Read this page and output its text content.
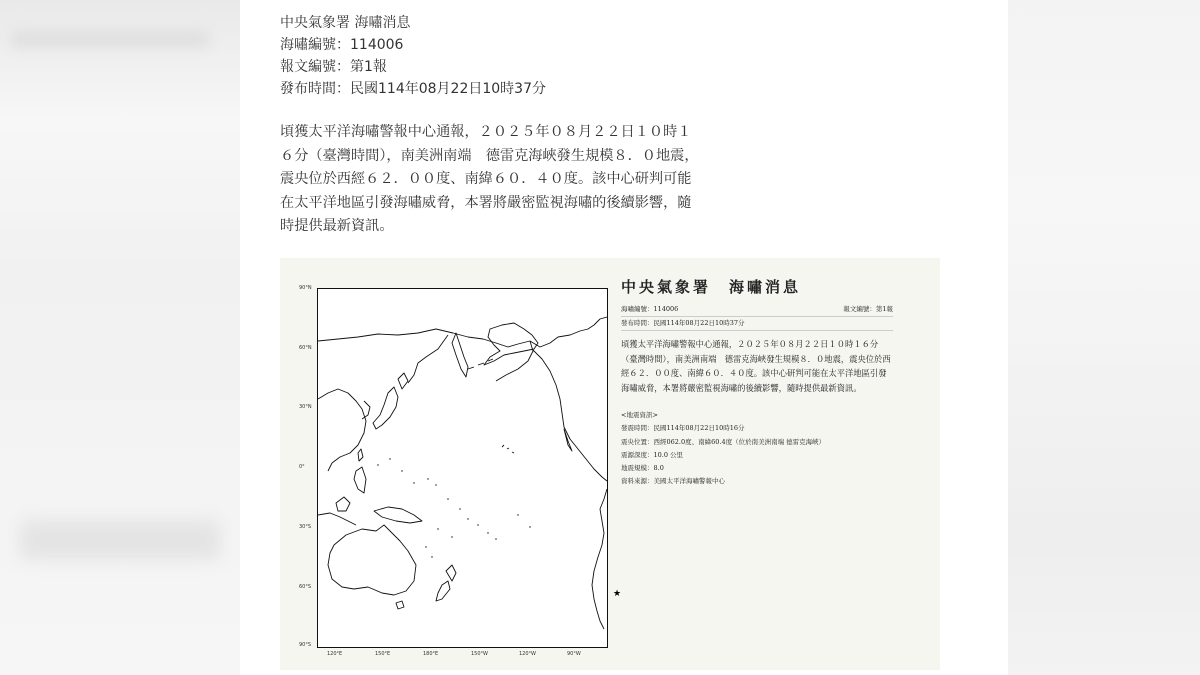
中央氣象署 海嘯消息
海嘯編號：114006
報文編號：第1報
發布時間：民國114年08月22日10時37分
頃獲太平洋海嘯警報中心通報，２０２５年０８月２２日１０時１６分（臺灣時間），南美洲南端　德雷克海峽發生規模８．０地震，震央位於西經６２．００度、南緯６０．４０度。該中心研判可能在太平洋地區引發海嘯威脅，本署將嚴密監視海嘯的後續影響，隨時提供最新資訊。
90°N
60°N
30°N
0°
30°S
60°S
90°S
120°E	150°E	180°E	150°W	120°W	90°W
★
中央氣象署　海嘯消息
海嘯編號：114006	報文編號：第1報
發布時間：民國114年08月22日10時37分
頃獲太平洋海嘯警報中心通報，２０２５年０８月２２日１０時１６分（臺灣時間），南美洲南端　德雷克海峽發生規模８．０地震，震央位於西經６２．００度、南緯６０．４０度。該中心研判可能在太平洋地區引發海嘯威脅，本署將嚴密監視海嘯的後續影響，隨時提供最新資訊。
<地震資訊>
發震時間：民國114年08月22日10時16分
震央位置：西經062.0度、南緯60.4度（位於南美洲南端 德雷克海峽）
震源深度：10.0 公里
地震規模：8.0
資料來源：美國太平洋海嘯警報中心
